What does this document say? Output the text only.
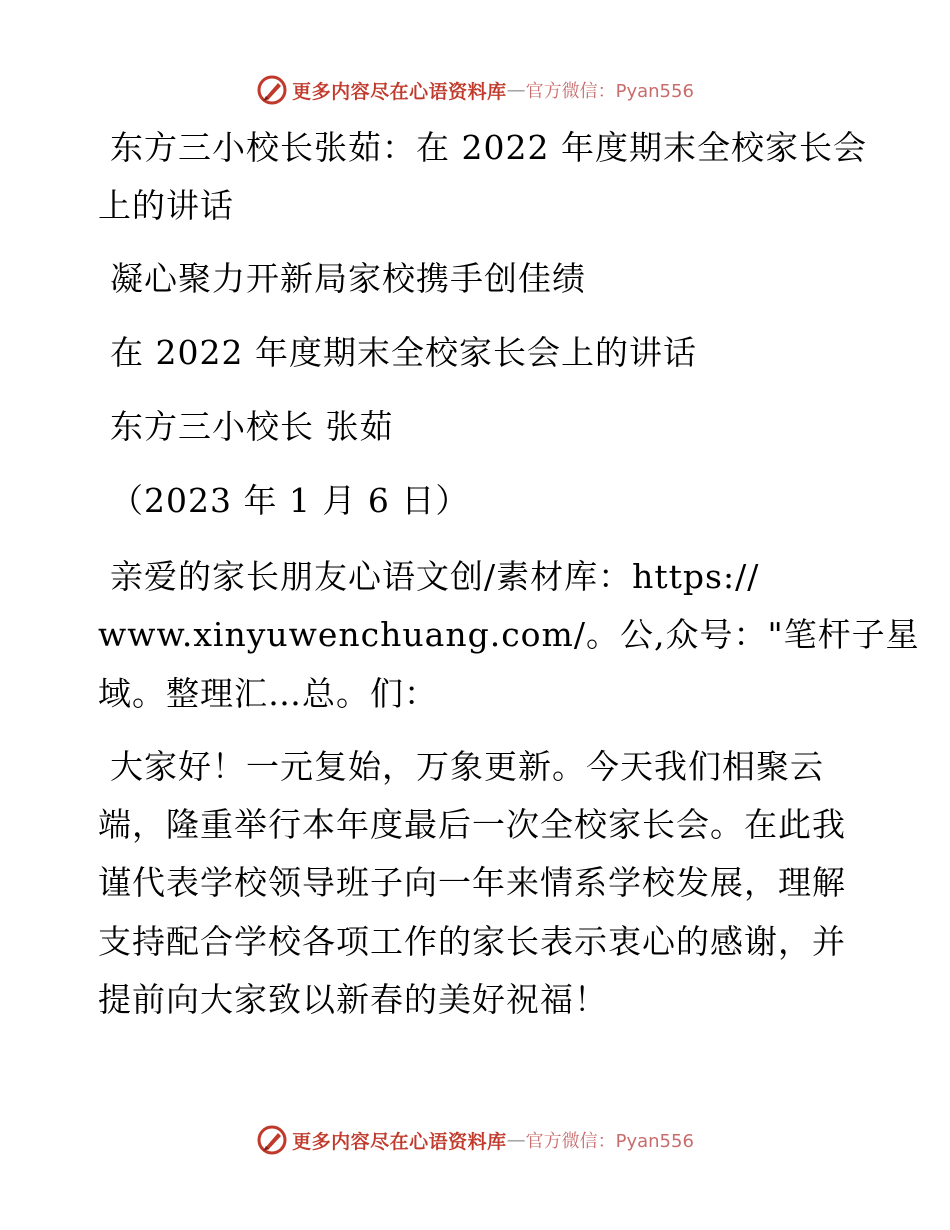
更多内容尽在心语资料库 — 官方微信：Pyan556
东方三小校长张茹：在 2022 年度期末全校家长会
上的讲话
凝心聚力开新局家校携手创佳绩
在 2022 年度期末全校家长会上的讲话
东方三小校长 张茹
（2023 年 1 月 6 日）
亲爱的家长朋友心语文创/素材库：https://
www.xinyuwenchuang.com/。公,众号："笔杆子星
域。整理汇…总。们：
大家好！一元复始，万象更新。今天我们相聚云
端，隆重举行本年度最后一次全校家长会。在此我
谨代表学校领导班子向一年来情系学校发展，理解
支持配合学校各项工作的家长表示衷心的感谢，并
提前向大家致以新春的美好祝福！
更多内容尽在心语资料库 — 官方微信：Pyan556
